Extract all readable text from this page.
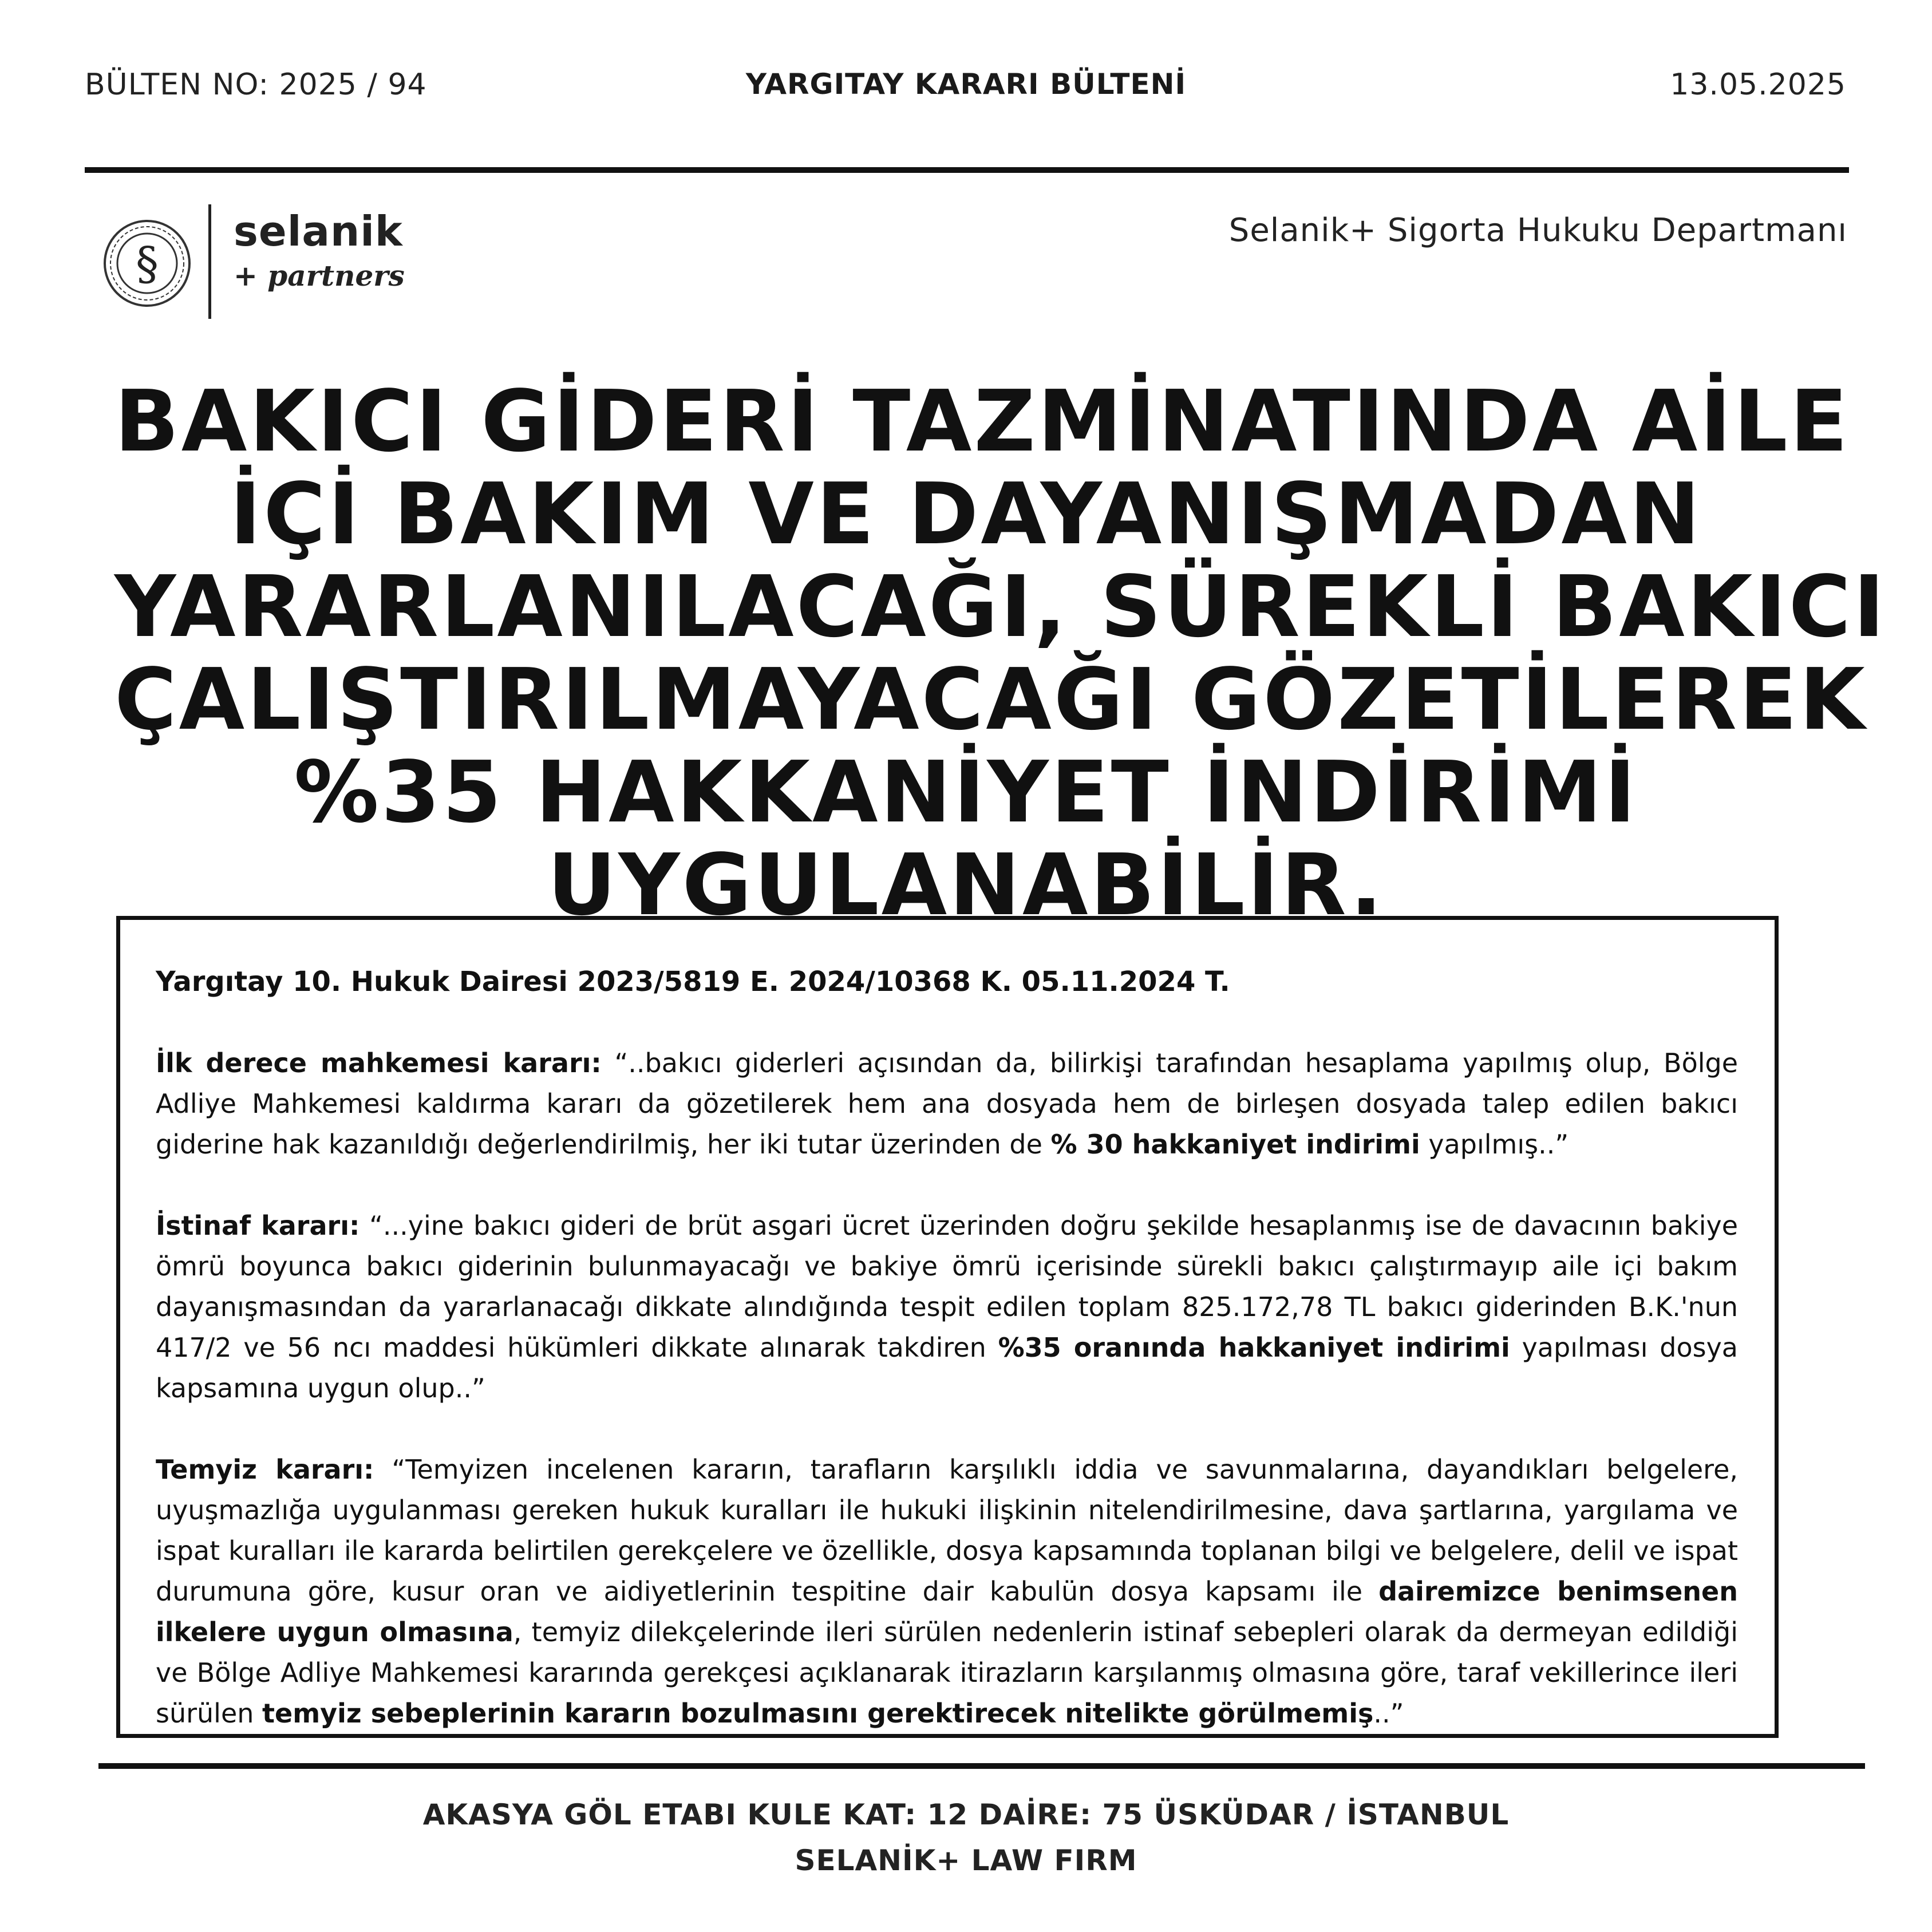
BÜLTEN NO: 2025 / 94	YARGITAY KARARI BÜLTENİ	13.05.2025
§
selanik
+ partners
Selanik+ Sigorta Hukuku Departmanı
BAKICI GİDERİ TAZMİNATINDA AİLE
İÇİ BAKIM VE DAYANIŞMADAN
YARARLANILACAĞI, SÜREKLİ BAKICI
ÇALIŞTIRILMAYACAĞI GÖZETİLEREK
%35 HAKKANİYET İNDİRİMİ
UYGULANABİLİR.
Yargıtay 10. Hukuk Dairesi 2023/5819 E. 2024/10368 K. 05.11.2024 T.
İlk derece mahkemesi kararı: “..bakıcı giderleri açısından da, bilirkişi tarafından hesaplama yapılmış olup, Bölge Adliye Mahkemesi kaldırma kararı da gözetilerek hem ana dosyada hem de birleşen dosyada talep edilen bakıcı giderine hak kazanıldığı değerlendirilmiş, her iki tutar üzerinden de % 30 hakkaniyet indirimi yapılmış..”
İstinaf kararı: “...yine bakıcı gideri de brüt asgari ücret üzerinden doğru şekilde hesaplanmış ise de davacının bakiye ömrü boyunca bakıcı giderinin bulunmayacağı ve bakiye ömrü içerisinde sürekli bakıcı çalıştırmayıp aile içi bakım dayanışmasından da yararlanacağı dikkate alındığında tespit edilen toplam 825.172,78 TL bakıcı giderinden B.K.'nun 417/2 ve 56 ncı maddesi hükümleri dikkate alınarak takdiren %35 oranında hakkaniyet indirimi yapılması dosya kapsamına uygun olup..”
Temyiz kararı: “Temyizen incelenen kararın, tarafların karşılıklı iddia ve savunmalarına, dayandıkları belgelere, uyuşmazlığa uygulanması gereken hukuk kuralları ile hukuki ilişkinin nitelendirilmesine, dava şartlarına, yargılama ve ispat kuralları ile kararda belirtilen gerekçelere ve özellikle, dosya kapsamında toplanan bilgi ve belgelere, delil ve ispat durumuna göre, kusur oran ve aidiyetlerinin tespitine dair kabulün dosya kapsamı ile dairemizce benimsenen ilkelere uygun olmasına, temyiz dilekçelerinde ileri sürülen nedenlerin istinaf sebepleri olarak da dermeyan edildiği ve Bölge Adliye Mahkemesi kararında gerekçesi açıklanarak itirazların karşılanmış olmasına göre, taraf vekillerince ileri sürülen temyiz sebeplerinin kararın bozulmasını gerektirecek nitelikte görülmemiş..”
AKASYA GÖL ETABI KULE KAT: 12 DAİRE: 75 ÜSKÜDAR / İSTANBUL
SELANİK+ LAW FIRM
